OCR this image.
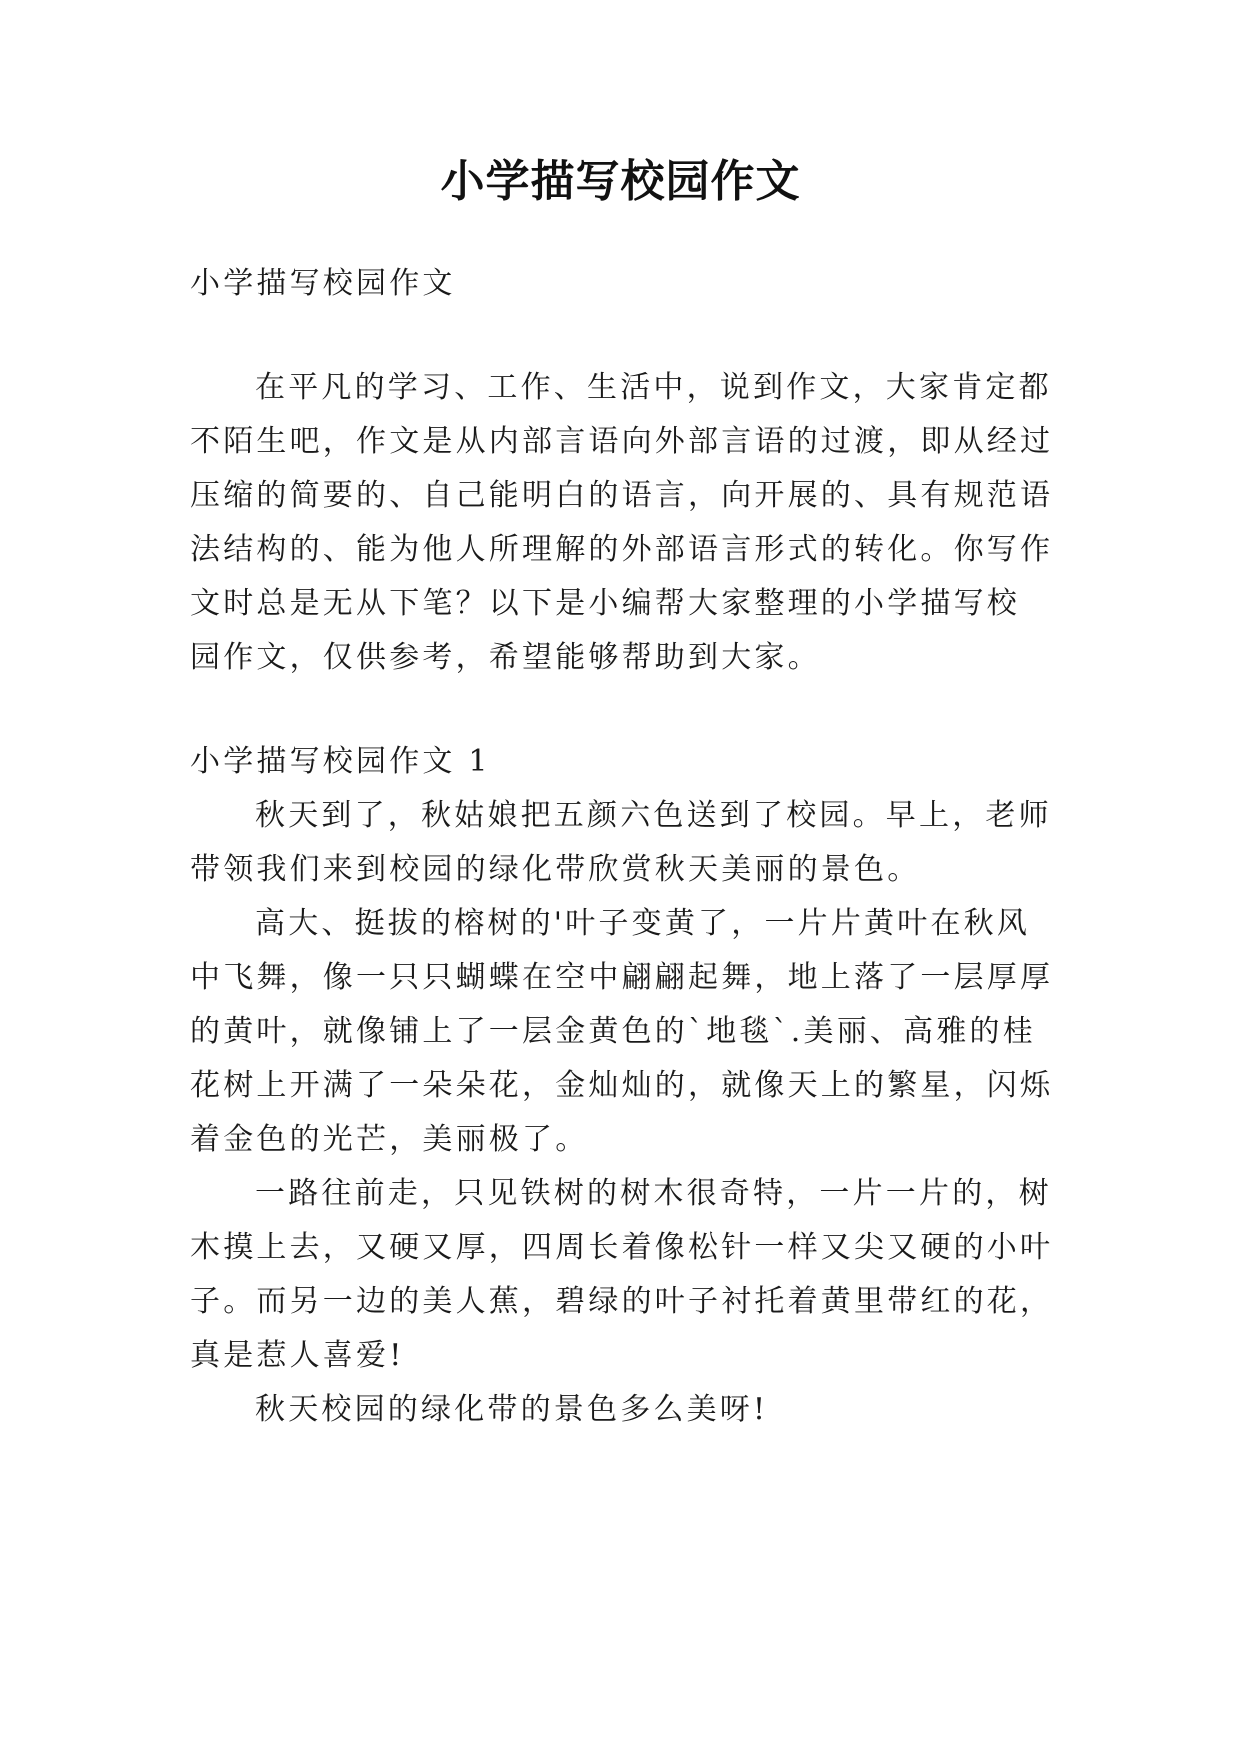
小学描写校园作文
小学描写校园作文
在平凡的学习、工作、生活中，说到作文，大家肯定都
不陌生吧，作文是从内部言语向外部言语的过渡，即从经过
压缩的简要的、自己能明白的语言，向开展的、具有规范语
法结构的、能为他人所理解的外部语言形式的转化。你写作
文时总是无从下笔？以下是小编帮大家整理的小学描写校
园作文，仅供参考，希望能够帮助到大家。
小学描写校园作文 1
秋天到了，秋姑娘把五颜六色送到了校园。早上，老师
带领我们来到校园的绿化带欣赏秋天美丽的景色。
高大、挺拔的榕树的'叶子变黄了，一片片黄叶在秋风
中飞舞，像一只只蝴蝶在空中翩翩起舞，地上落了一层厚厚
的黄叶，就像铺上了一层金黄色的`地毯`.美丽、高雅的桂
花树上开满了一朵朵花，金灿灿的，就像天上的繁星，闪烁
着金色的光芒，美丽极了。
一路往前走，只见铁树的树木很奇特，一片一片的，树
木摸上去，又硬又厚，四周长着像松针一样又尖又硬的小叶
子。而另一边的美人蕉，碧绿的叶子衬托着黄里带红的花，
真是惹人喜爱!
秋天校园的绿化带的景色多么美呀!
